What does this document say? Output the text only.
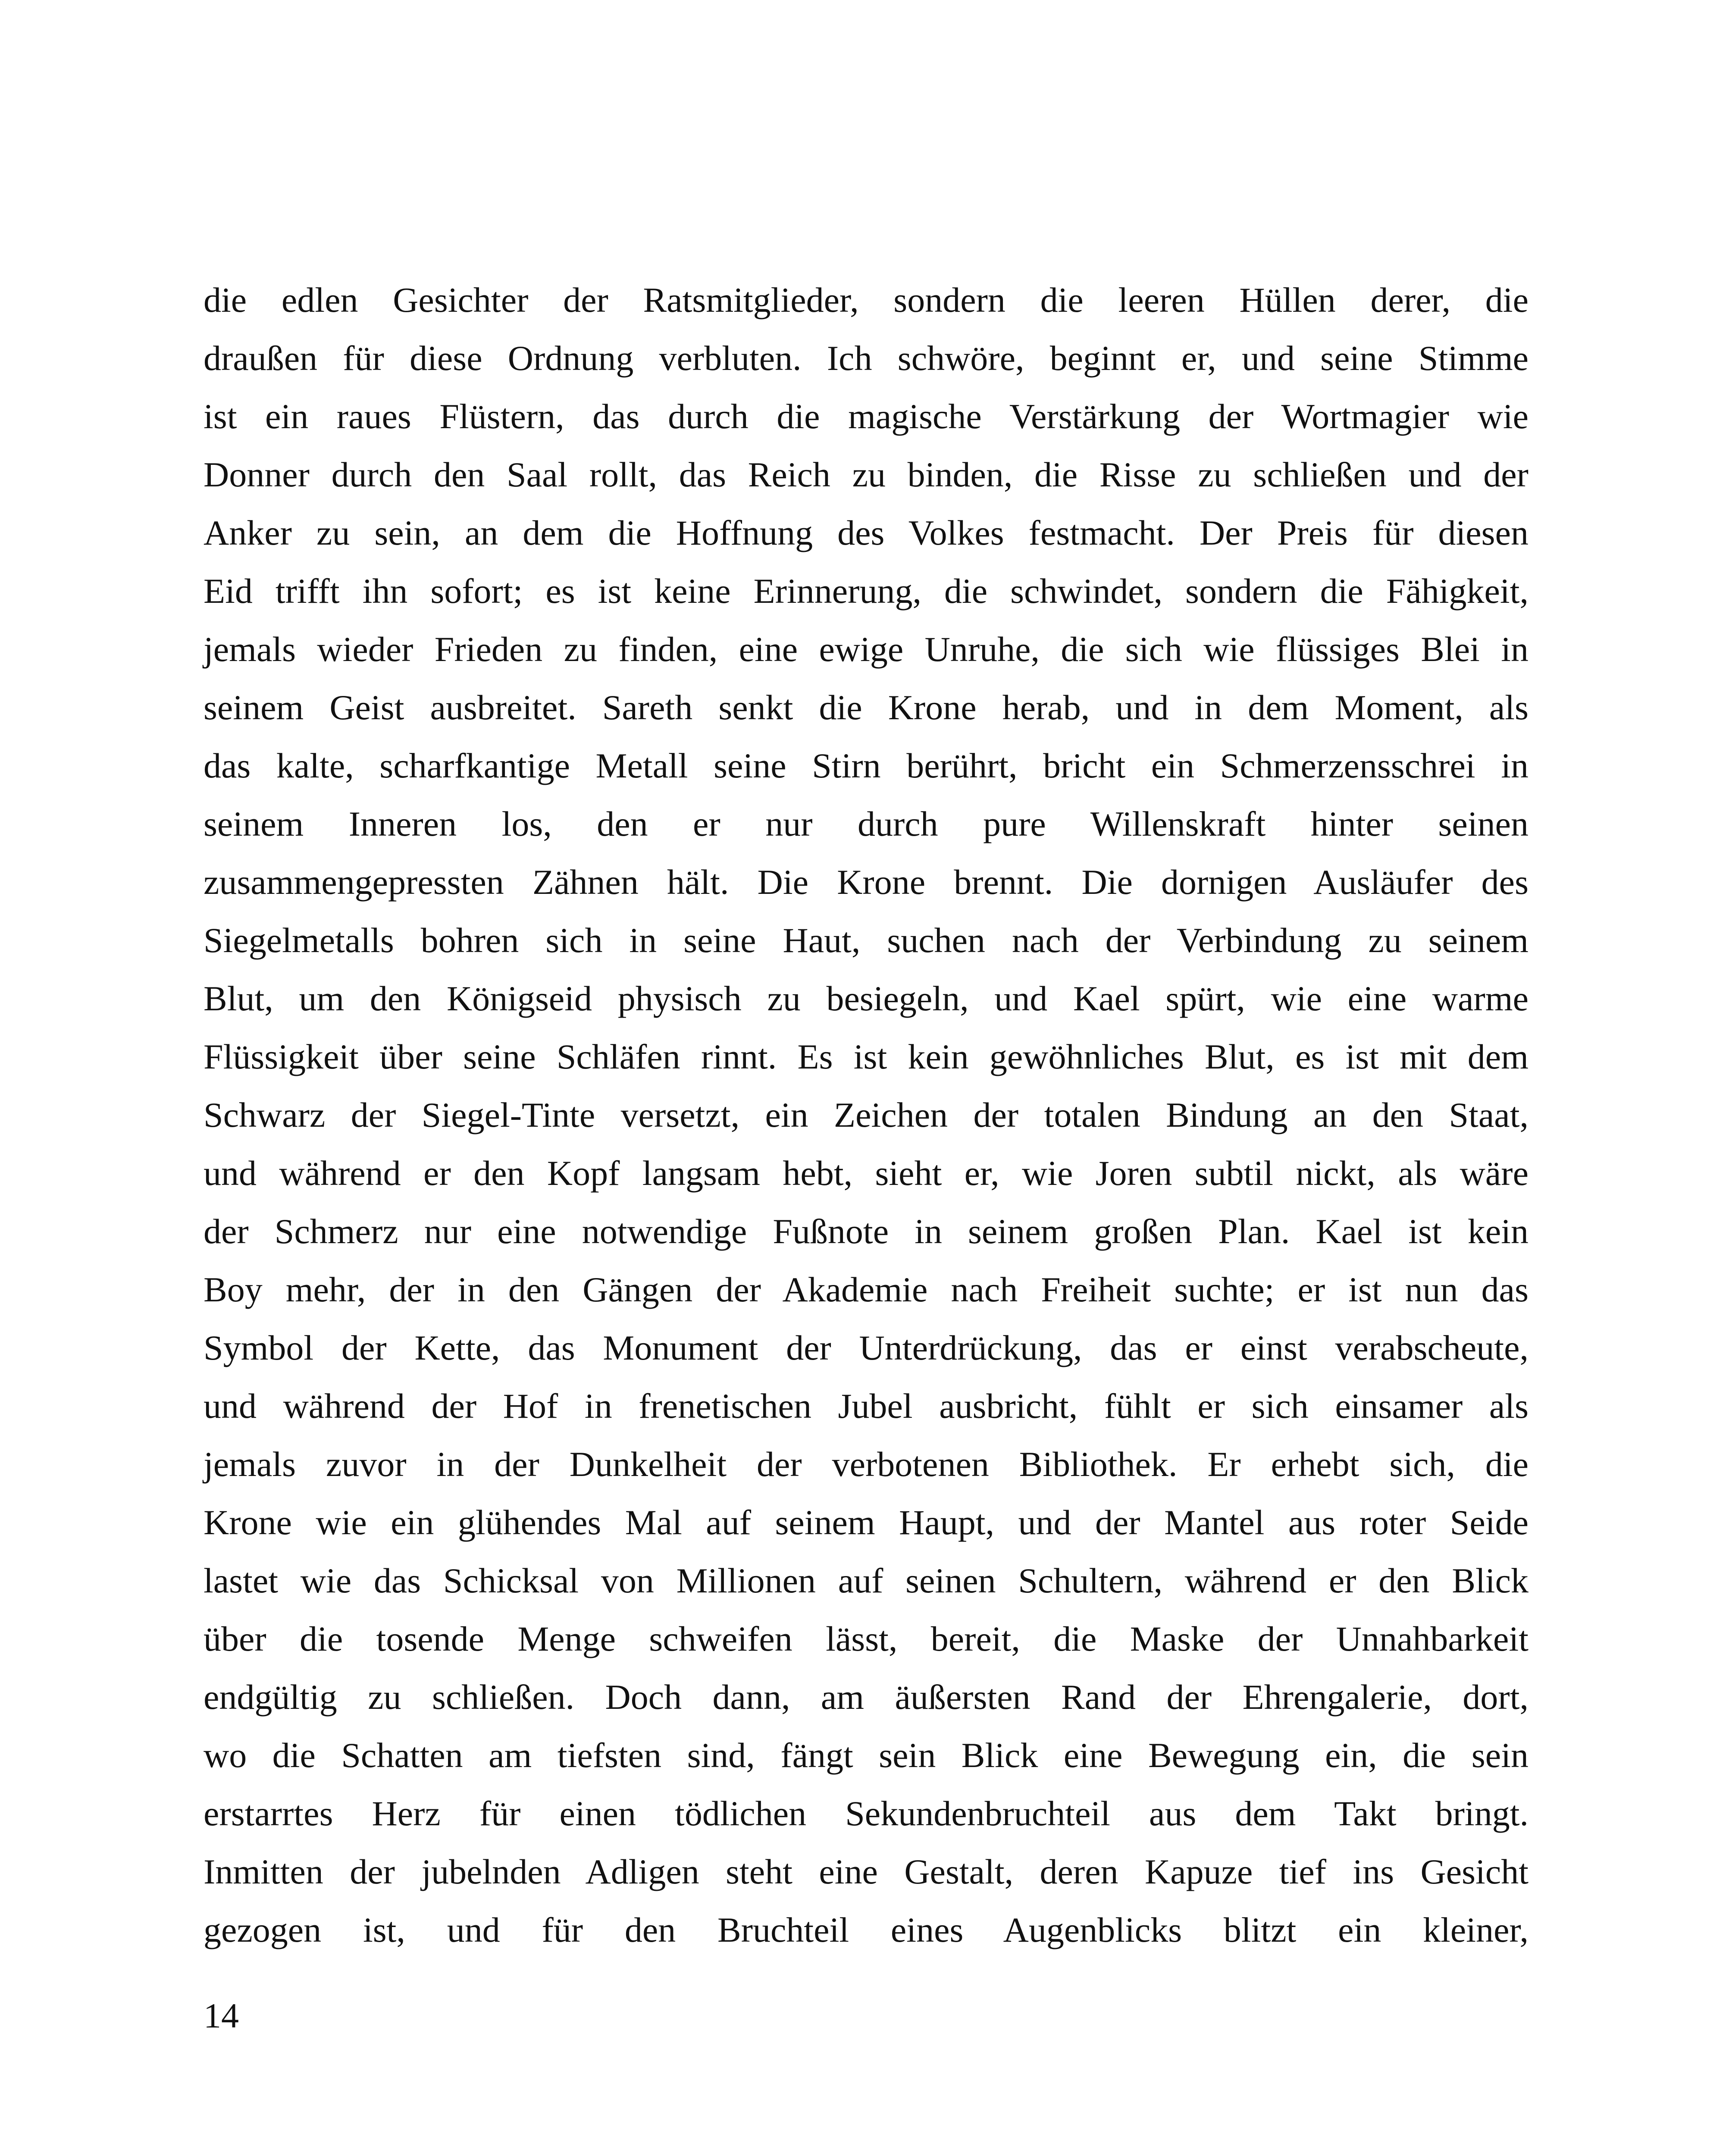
die edlen Gesichter der Ratsmitglieder, sondern die leeren Hüllen derer, die
draußen für diese Ordnung verbluten. Ich schwöre, beginnt er, und seine Stimme
ist ein raues Flüstern, das durch die magische Verstärkung der Wortmagier wie
Donner durch den Saal rollt, das Reich zu binden, die Risse zu schließen und der
Anker zu sein, an dem die Hoffnung des Volkes festmacht. Der Preis für diesen
Eid trifft ihn sofort; es ist keine Erinnerung, die schwindet, sondern die Fähigkeit,
jemals wieder Frieden zu finden, eine ewige Unruhe, die sich wie flüssiges Blei in
seinem Geist ausbreitet. Sareth senkt die Krone herab, und in dem Moment, als
das kalte, scharfkantige Metall seine Stirn berührt, bricht ein Schmerzensschrei in
seinem Inneren los, den er nur durch pure Willenskraft hinter seinen
zusammengepressten Zähnen hält. Die Krone brennt. Die dornigen Ausläufer des
Siegelmetalls bohren sich in seine Haut, suchen nach der Verbindung zu seinem
Blut, um den Königseid physisch zu besiegeln, und Kael spürt, wie eine warme
Flüssigkeit über seine Schläfen rinnt. Es ist kein gewöhnliches Blut, es ist mit dem
Schwarz der Siegel-Tinte versetzt, ein Zeichen der totalen Bindung an den Staat,
und während er den Kopf langsam hebt, sieht er, wie Joren subtil nickt, als wäre
der Schmerz nur eine notwendige Fußnote in seinem großen Plan. Kael ist kein
Boy mehr, der in den Gängen der Akademie nach Freiheit suchte; er ist nun das
Symbol der Kette, das Monument der Unterdrückung, das er einst verabscheute,
und während der Hof in frenetischen Jubel ausbricht, fühlt er sich einsamer als
jemals zuvor in der Dunkelheit der verbotenen Bibliothek. Er erhebt sich, die
Krone wie ein glühendes Mal auf seinem Haupt, und der Mantel aus roter Seide
lastet wie das Schicksal von Millionen auf seinen Schultern, während er den Blick
über die tosende Menge schweifen lässt, bereit, die Maske der Unnahbarkeit
endgültig zu schließen. Doch dann, am äußersten Rand der Ehrengalerie, dort,
wo die Schatten am tiefsten sind, fängt sein Blick eine Bewegung ein, die sein
erstarrtes Herz für einen tödlichen Sekundenbruchteil aus dem Takt bringt.
Inmitten der jubelnden Adligen steht eine Gestalt, deren Kapuze tief ins Gesicht
gezogen ist, und für den Bruchteil eines Augenblicks blitzt ein kleiner,

14
